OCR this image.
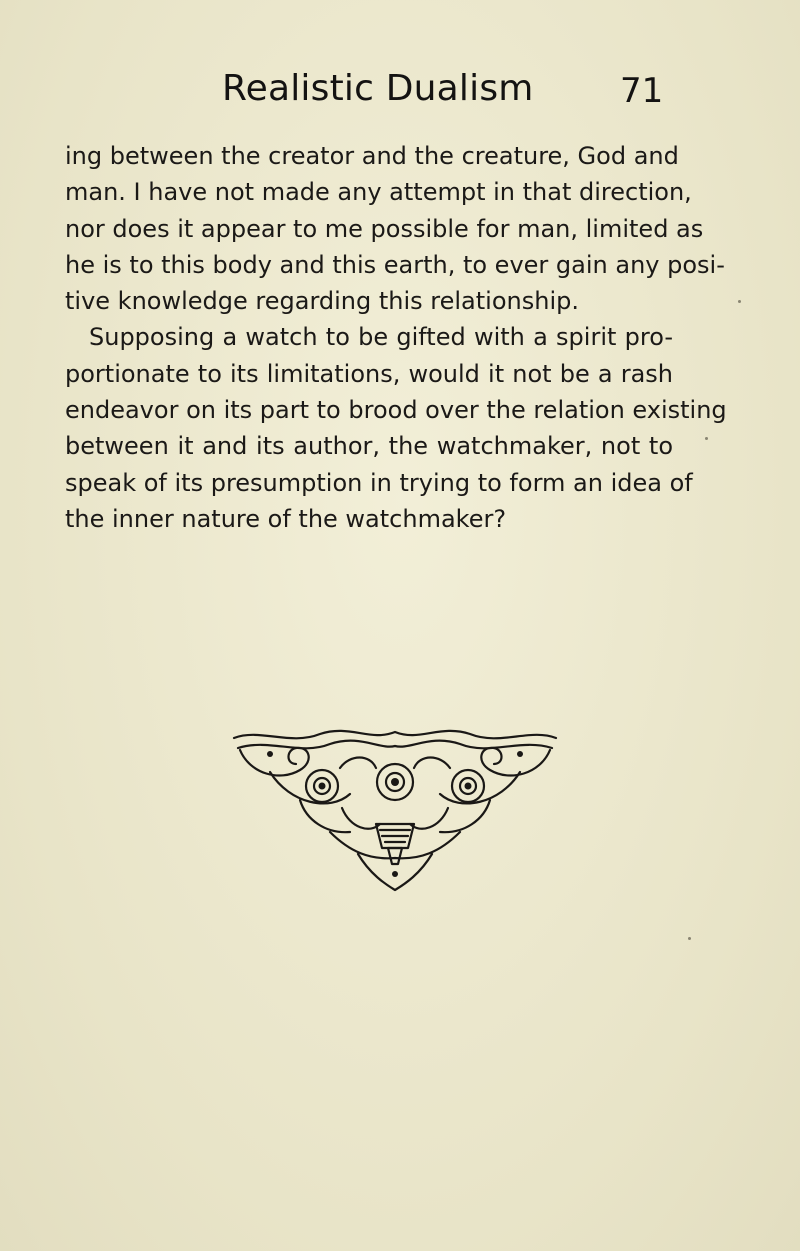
Realistic Dualism	71
ing between the creator and the creature, God and
man. I have not made any attempt in that direction,
nor does it appear to me possible for man, limited as
he is to this body and this earth, to ever gain any posi-
tive knowledge regarding this relationship.
Supposing a watch to be gifted with a spirit pro-
portionate to its limitations, would it not be a rash
endeavor on its part to brood over the relation existing
between it and its author, the watchmaker, not to
speak of its presumption in trying to form an idea of
the inner nature of the watchmaker?
